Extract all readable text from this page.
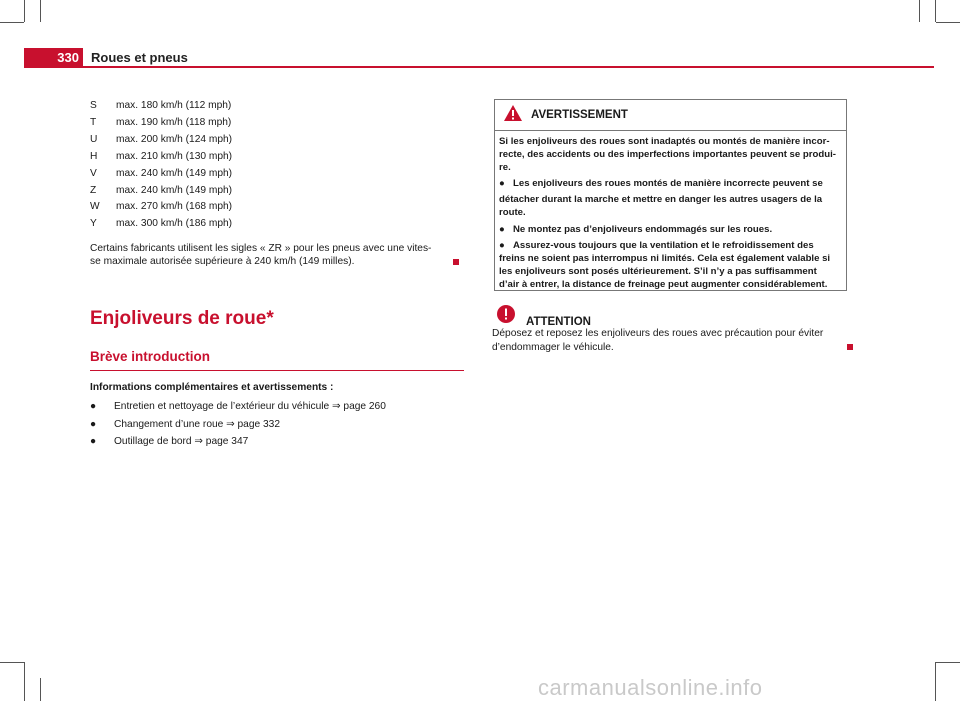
330 Roues et pneus
S	max. 180 km/h (112 mph)
T	max. 190 km/h (118 mph)
U	max. 200 km/h (124 mph)
H	max. 210 km/h (130 mph)
V	max. 240 km/h (149 mph)
Z	max. 240 km/h (149 mph)
W	max. 270 km/h (168 mph)
Y	max. 300 km/h (186 mph)
Certains fabricants utilisent les sigles « ZR » pour les pneus avec une vites-
se maximale autorisée supérieure à 240 km/h (149 milles).
Enjoliveurs de roue*
Brève introduction
Informations complémentaires et avertissements :
●	Entretien et nettoyage de l’extérieur du véhicule ⇒ page 260
●	Changement d’une roue ⇒ page 332
●	Outillage de bord ⇒ page 347
AVERTISSEMENT

Si les enjoliveurs des roues sont inadaptés ou montés de manière incor-
recte, des accidents ou des imperfections importantes peuvent se produi-
re.

● Les enjoliveurs des roues montés de manière incorrecte peuvent se
détacher durant la marche et mettre en danger les autres usagers de la
route.
● Ne montez pas d’enjoliveurs endommagés sur les roues.
● Assurez-vous toujours que la ventilation et le refroidissement des
freins ne soient pas interrompus ni limités. Cela est également valable si
les enjoliveurs sont posés ultérieurement. S’il n’y a pas suffisamment
d’air à entrer, la distance de freinage peut augmenter considérablement.
ATTENTION
Déposez et reposez les enjoliveurs des roues avec précaution pour éviter
d’endommager le véhicule.
carmanualsonline.info
